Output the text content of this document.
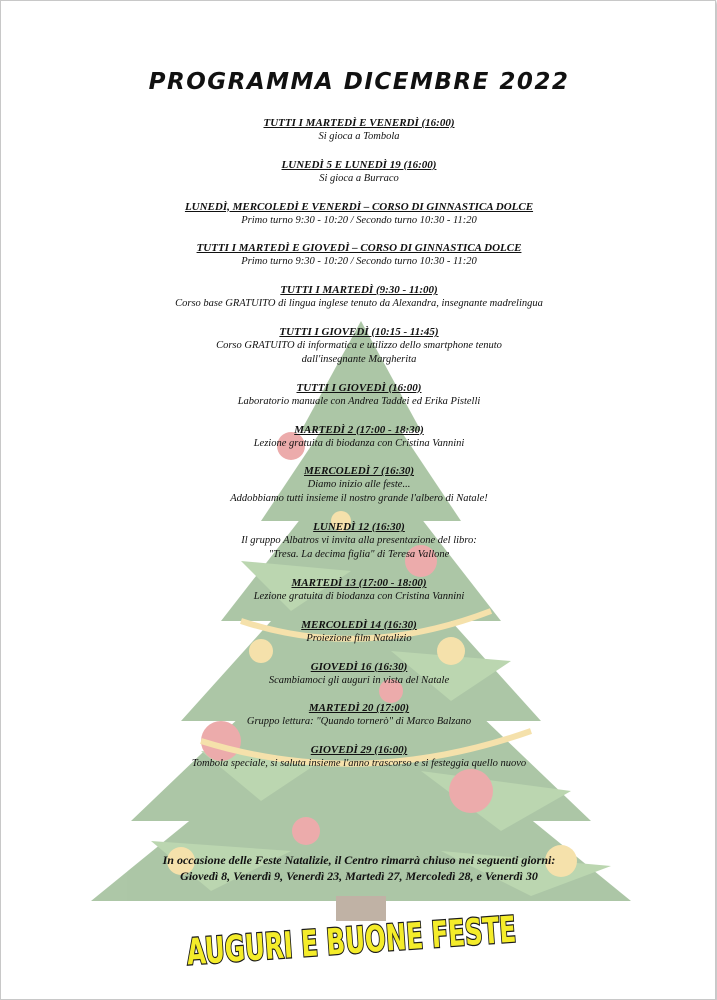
PROGRAMMA DICEMBRE 2022
TUTTI I MARTEDÌ E VENERDÌ (16:00)
Si gioca a Tombola
LUNEDÌ 5 E LUNEDÌ 19 (16:00)
Si gioca a Burraco
LUNEDÌ, MERCOLEDÌ E VENERDÌ – CORSO DI GINNASTICA DOLCE
Primo turno 9:30 - 10:20 / Secondo turno 10:30 - 11:20
TUTTI I MARTEDÌ E GIOVEDÌ – CORSO DI GINNASTICA DOLCE
Primo turno 9:30 - 10:20 / Secondo turno 10:30 - 11:20
TUTTI I MARTEDÌ (9:30 - 11:00)
Corso base GRATUITO di lingua inglese tenuto da Alexandra, insegnante madrelingua
TUTTI I GIOVEDÌ (10:15 - 11:45)
Corso GRATUITO di informatica e utilizzo dello smartphone tenuto
dall'insegnante Margherita
TUTTI I GIOVEDÌ (16:00)
Laboratorio manuale con Andrea Taddei ed Erika Pistelli
MARTEDÌ 2 (17:00 - 18:30)
Lezione gratuita di biodanza con Cristina Vannini
MERCOLEDÌ 7 (16:30)
Diamo inizio alle feste...
Addobbiamo tutti insieme il nostro grande l'albero di Natale!
LUNEDÌ 12 (16:30)
Il gruppo Albatros vi invita alla presentazione del libro:
"Tresa. La decima figlia" di Teresa Vallone
MARTEDÌ 13 (17:00 - 18:00)
Lezione gratuita di biodanza con Cristina Vannini
MERCOLEDÌ 14 (16:30)
Proiezione film Natalizio
GIOVEDÌ 16 (16:30)
Scambiamoci gli auguri in vista del Natale
MARTEDÌ 20 (17:00)
Gruppo lettura: "Quando tornerò" di Marco Balzano
GIOVEDÌ 29 (16:00)
Tombola speciale, si saluta insieme l'anno trascorso e si festeggia quello nuovo
In occasione delle Feste Natalizie, il Centro rimarrà chiuso nei seguenti giorni:
Giovedì 8, Venerdì 9, Venerdì 23, Martedì 27, Mercoledì 28, e Venerdì 30
AUGURI E BUONE FESTE
